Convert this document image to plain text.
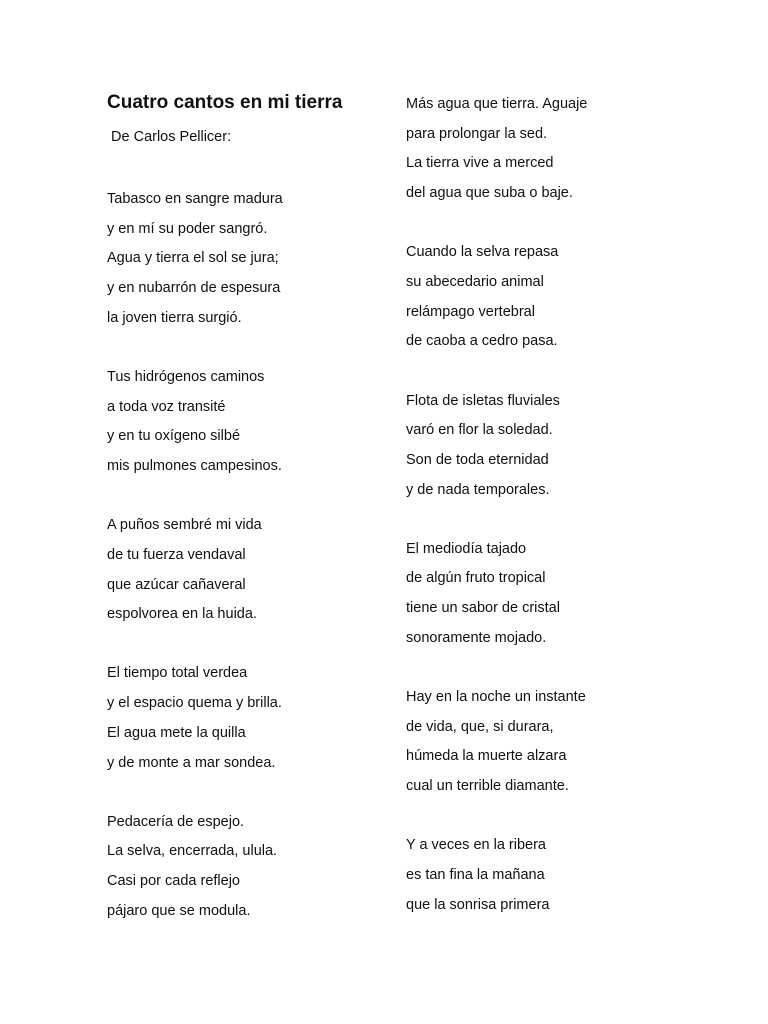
Cuatro cantos en mi tierra

De Carlos Pellicer:

Tabasco en sangre madura
y en mí su poder sangró.
Agua y tierra el sol se jura;
y en nubarrón de espesura
la joven tierra surgió.
Tus hidrógenos caminos
a toda voz transité
y en tu oxígeno silbé
mis pulmones campesinos.
A puños sembré mi vida
de tu fuerza vendaval
que azúcar cañaveral
espolvorea en la huida.
El tiempo total verdea
y el espacio quema y brilla.
El agua mete la quilla
y de monte a mar sondea.
Pedacería de espejo.
La selva, encerrada, ulula.
Casi por cada reflejo
pájaro que se modula.
Más agua que tierra. Aguaje
para prolongar la sed.
La tierra vive a merced
del agua que suba o baje.
Cuando la selva repasa
su abecedario animal
relámpago vertebral
de caoba a cedro pasa.
Flota de isletas fluviales
varó en flor la soledad.
Son de toda eternidad
y de nada temporales.
El mediodía tajado
de algún fruto tropical
tiene un sabor de cristal
sonoramente mojado.
Hay en la noche un instante
de vida, que, si durara,
húmeda la muerte alzara
cual un terrible diamante.
Y a veces en la ribera
es tan fina la mañana
que la sonrisa primera
